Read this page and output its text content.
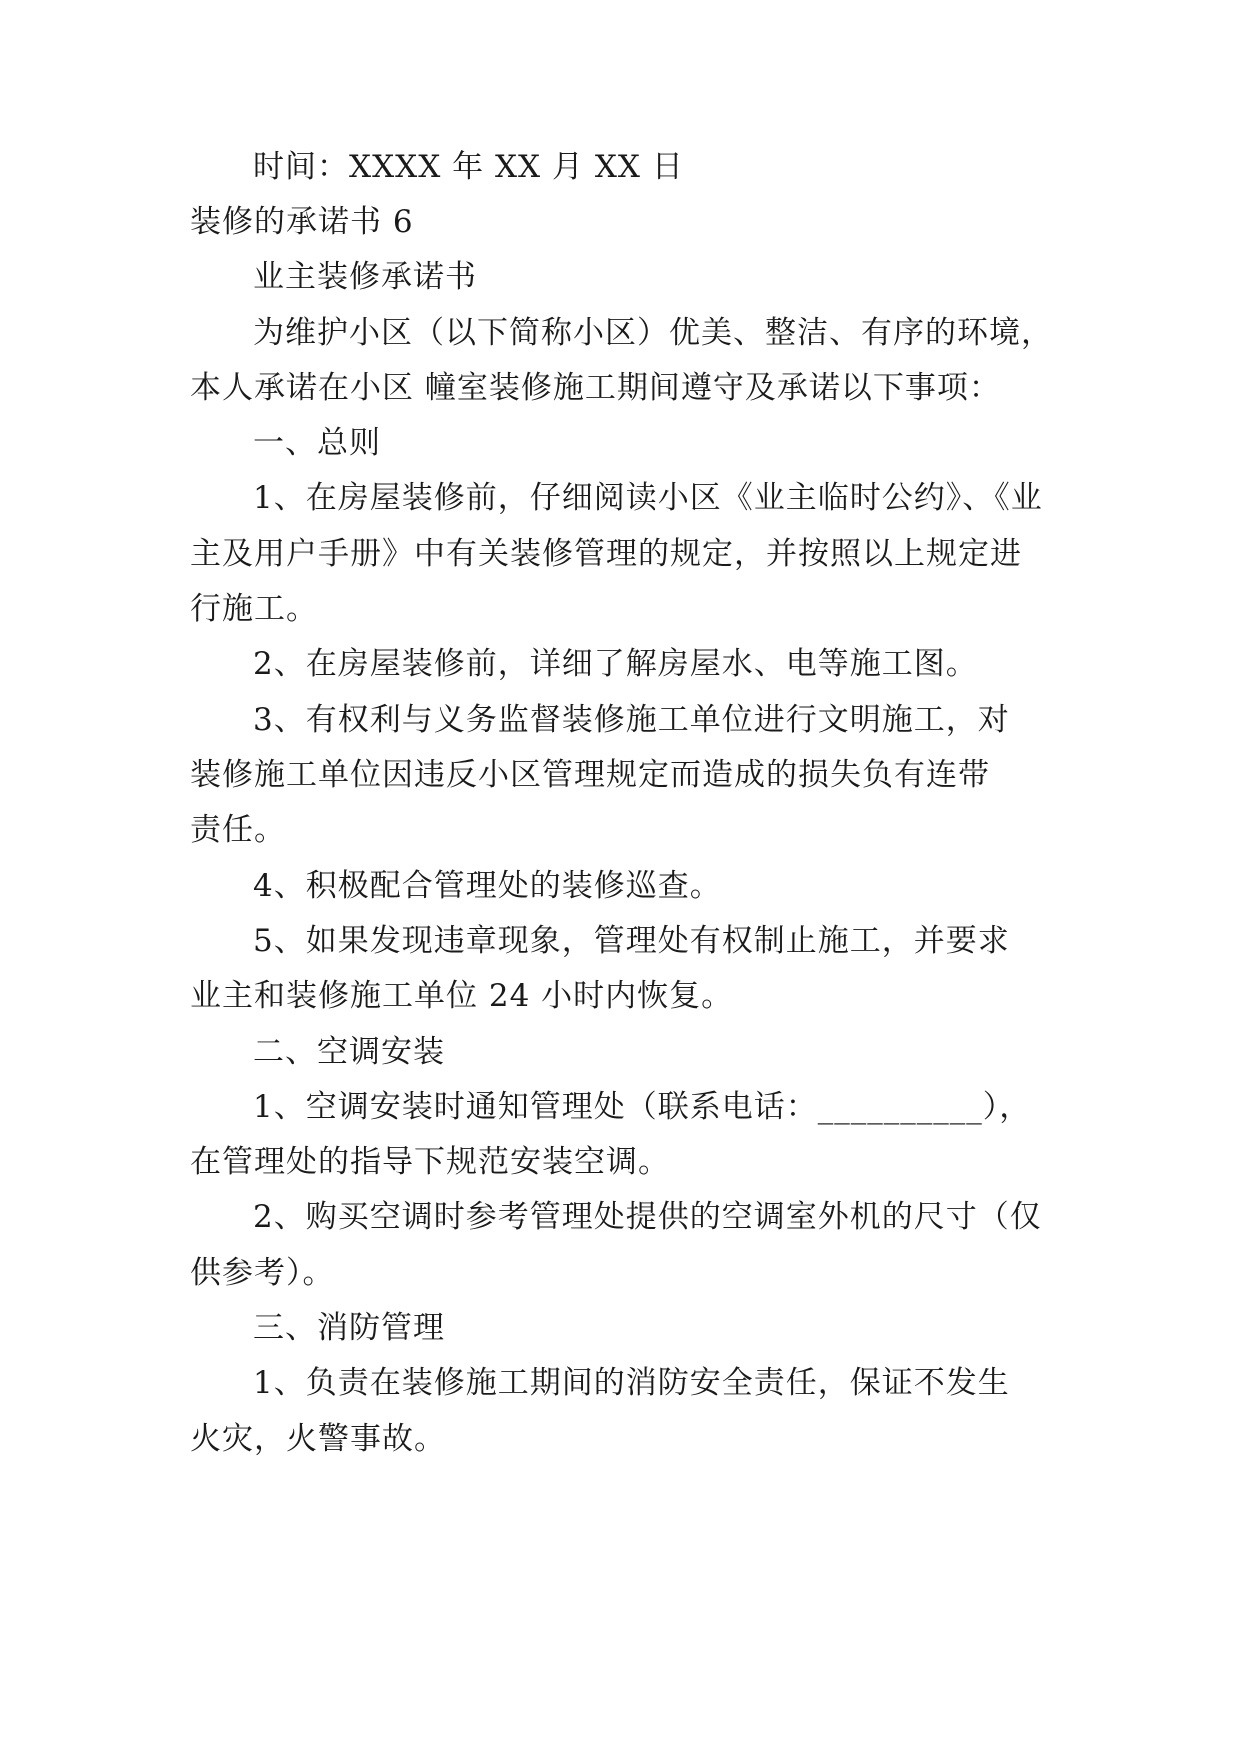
时间：XXXX 年 XX 月 XX 日
装修的承诺书 6
业主装修承诺书
为维护小区（以下简称小区）优美、整洁、有序的环境，
本人承诺在小区 幢室装修施工期间遵守及承诺以下事项：
一、总则
1、在房屋装修前，仔细阅读小区《业主临时公约》、《业
主及用户手册》中有关装修管理的规定，并按照以上规定进
行施工。
2、在房屋装修前，详细了解房屋水、电等施工图。
3、有权利与义务监督装修施工单位进行文明施工，对
装修施工单位因违反小区管理规定而造成的损失负有连带
责任。
4、积极配合管理处的装修巡查。
5、如果发现违章现象，管理处有权制止施工，并要求
业主和装修施工单位 24 小时内恢复。
二、空调安装
1、空调安装时通知管理处（联系电话：__________），
在管理处的指导下规范安装空调。
2、购买空调时参考管理处提供的空调室外机的尺寸（仅
供参考）。
三、消防管理
1、负责在装修施工期间的消防安全责任，保证不发生
火灾，火警事故。
